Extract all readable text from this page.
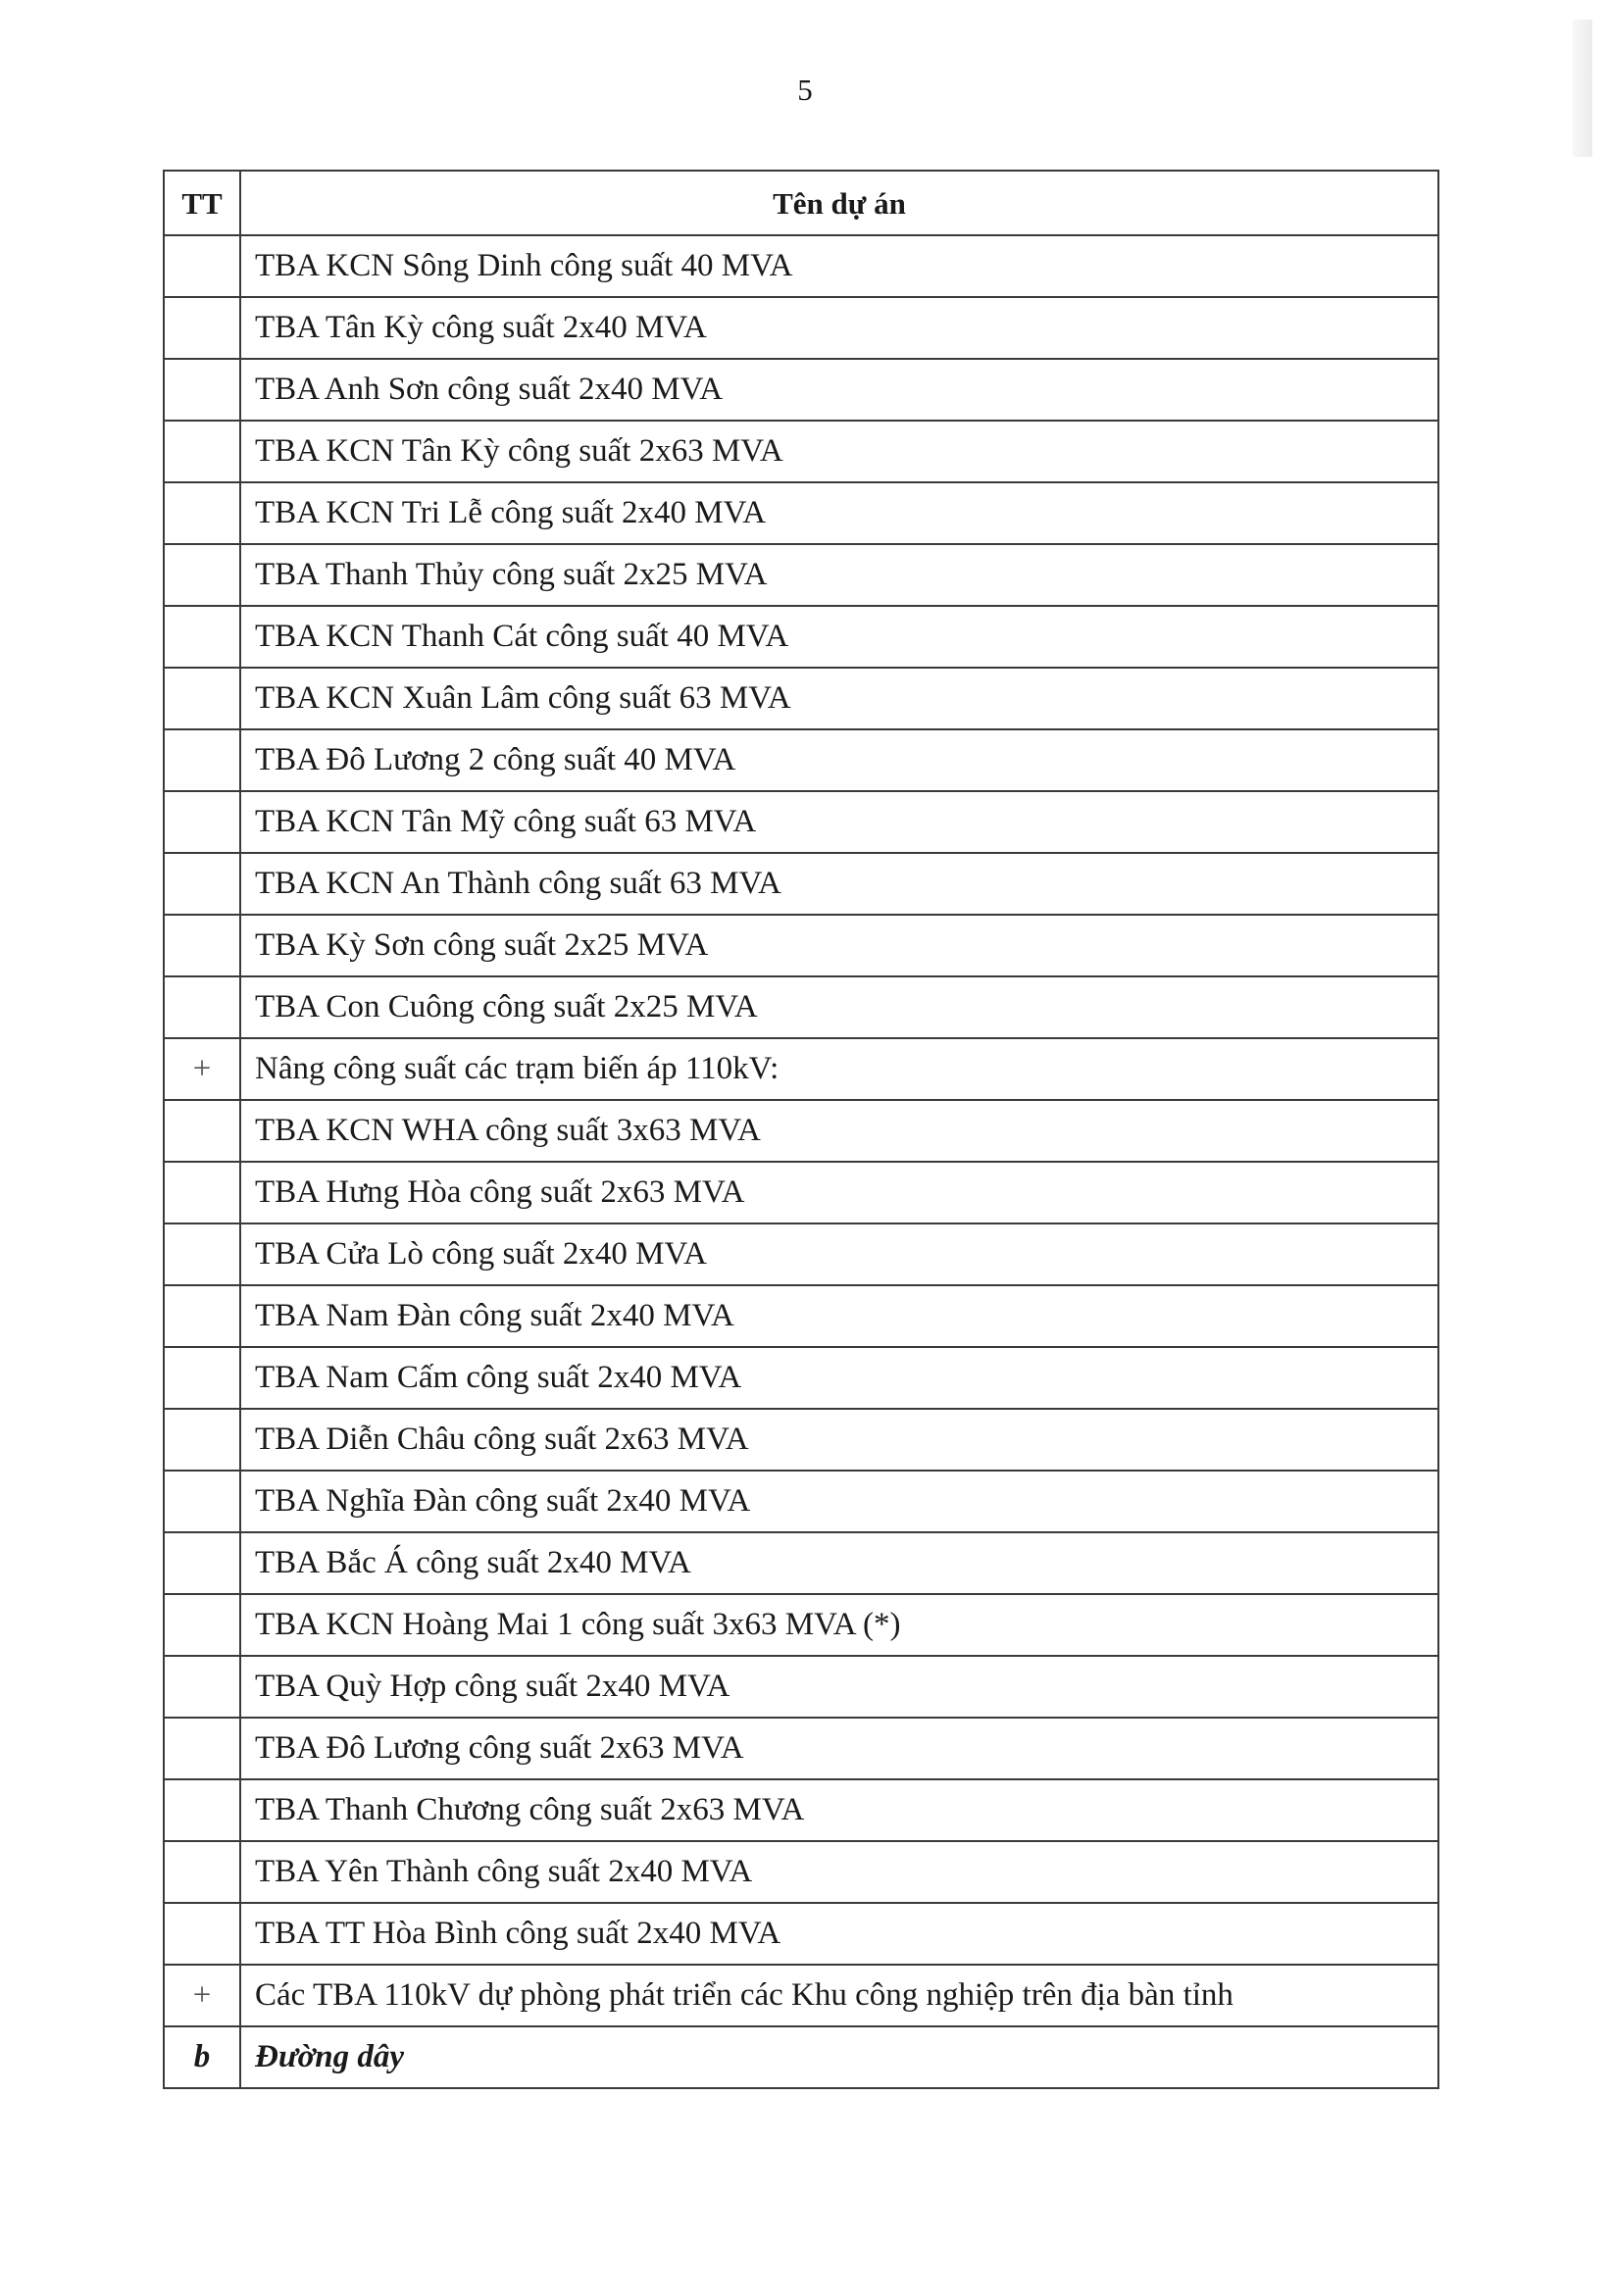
5
TT	Tên dự án
	TBA KCN Sông Dinh công suất 40 MVA
	TBA Tân Kỳ công suất 2x40 MVA
	TBA Anh Sơn công suất 2x40 MVA
	TBA KCN Tân Kỳ công suất 2x63 MVA
	TBA KCN Tri Lễ công suất 2x40 MVA
	TBA Thanh Thủy công suất 2x25 MVA
	TBA KCN Thanh Cát công suất 40 MVA
	TBA KCN Xuân Lâm công suất 63 MVA
	TBA Đô Lương 2 công suất 40 MVA
	TBA KCN Tân Mỹ công suất 63 MVA
	TBA KCN An Thành công suất 63 MVA
	TBA Kỳ Sơn công suất 2x25 MVA
	TBA Con Cuông công suất 2x25 MVA
+	Nâng công suất các trạm biến áp 110kV:
	TBA KCN WHA công suất 3x63 MVA
	TBA Hưng Hòa công suất 2x63 MVA
	TBA Cửa Lò công suất 2x40 MVA
	TBA Nam Đàn công suất 2x40 MVA
	TBA Nam Cấm công suất 2x40 MVA
	TBA Diễn Châu công suất 2x63 MVA
	TBA Nghĩa Đàn công suất 2x40 MVA
	TBA Bắc Á công suất 2x40 MVA
	TBA KCN Hoàng Mai 1 công suất 3x63 MVA (*)
	TBA Quỳ Hợp công suất 2x40 MVA
	TBA Đô Lương công suất 2x63 MVA
	TBA Thanh Chương công suất 2x63 MVA
	TBA Yên Thành công suất 2x40 MVA
	TBA TT Hòa Bình công suất 2x40 MVA
+	Các TBA 110kV dự phòng phát triển các Khu công nghiệp trên địa bàn tỉnh
b	Đường dây
